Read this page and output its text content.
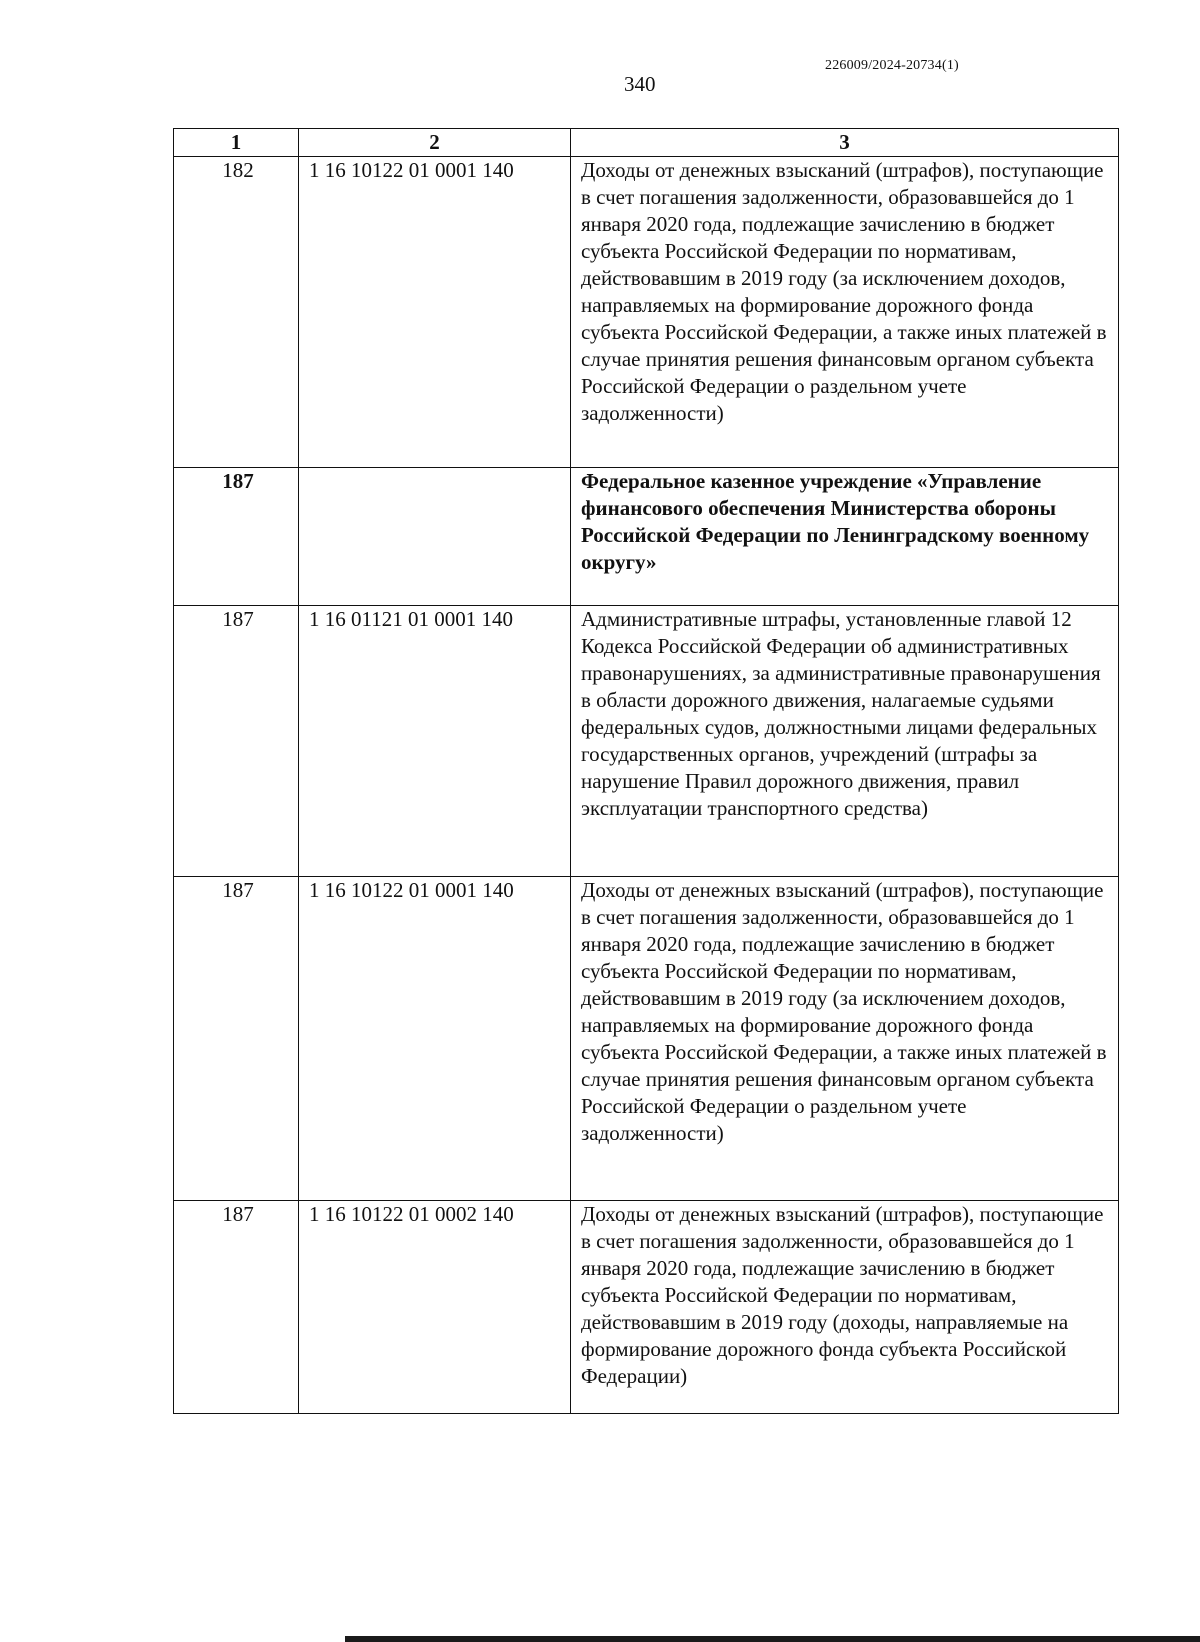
226009/2024-20734(1)
340
1	2	3
182	1 16 10122 01 0001 140	Доходы от денежных взысканий (штрафов), поступающие в счет погашения задолженности, образовавшейся до 1 января 2020 года, подлежащие зачислению в бюджет субъекта Российской Федерации по нормативам, действовавшим в 2019 году (за исключением доходов, направляемых на формирование дорожного фонда субъекта Российской Федерации, а также иных платежей в случае принятия решения финансовым органом субъекта Российской Федерации о раздельном учете задолженности)
187		Федеральное казенное учреждение «Управление финансового обеспечения Министерства обороны Российской Федерации по Ленинградскому военному округу»
187	1 16 01121 01 0001 140	Административные штрафы, установленные главой 12 Кодекса Российской Федерации об административных правонарушениях, за административные правонарушения в области дорожного движения, налагаемые судьями федеральных судов, должностными лицами федеральных государственных органов, учреждений (штрафы за нарушение Правил дорожного движения, правил эксплуатации транспортного средства)
187	1 16 10122 01 0001 140	Доходы от денежных взысканий (штрафов), поступающие в счет погашения задолженности, образовавшейся до 1 января 2020 года, подлежащие зачислению в бюджет субъекта Российской Федерации по нормативам, действовавшим в 2019 году (за исключением доходов, направляемых на формирование дорожного фонда субъекта Российской Федерации, а также иных платежей в случае принятия решения финансовым органом субъекта Российской Федерации о раздельном учете задолженности)
187	1 16 10122 01 0002 140	Доходы от денежных взысканий (штрафов), поступающие в счет погашения задолженности, образовавшейся до 1 января 2020 года, подлежащие зачислению в бюджет субъекта Российской Федерации по нормативам, действовавшим в 2019 году (доходы, направляемые на формирование дорожного фонда субъекта Российской Федерации)
